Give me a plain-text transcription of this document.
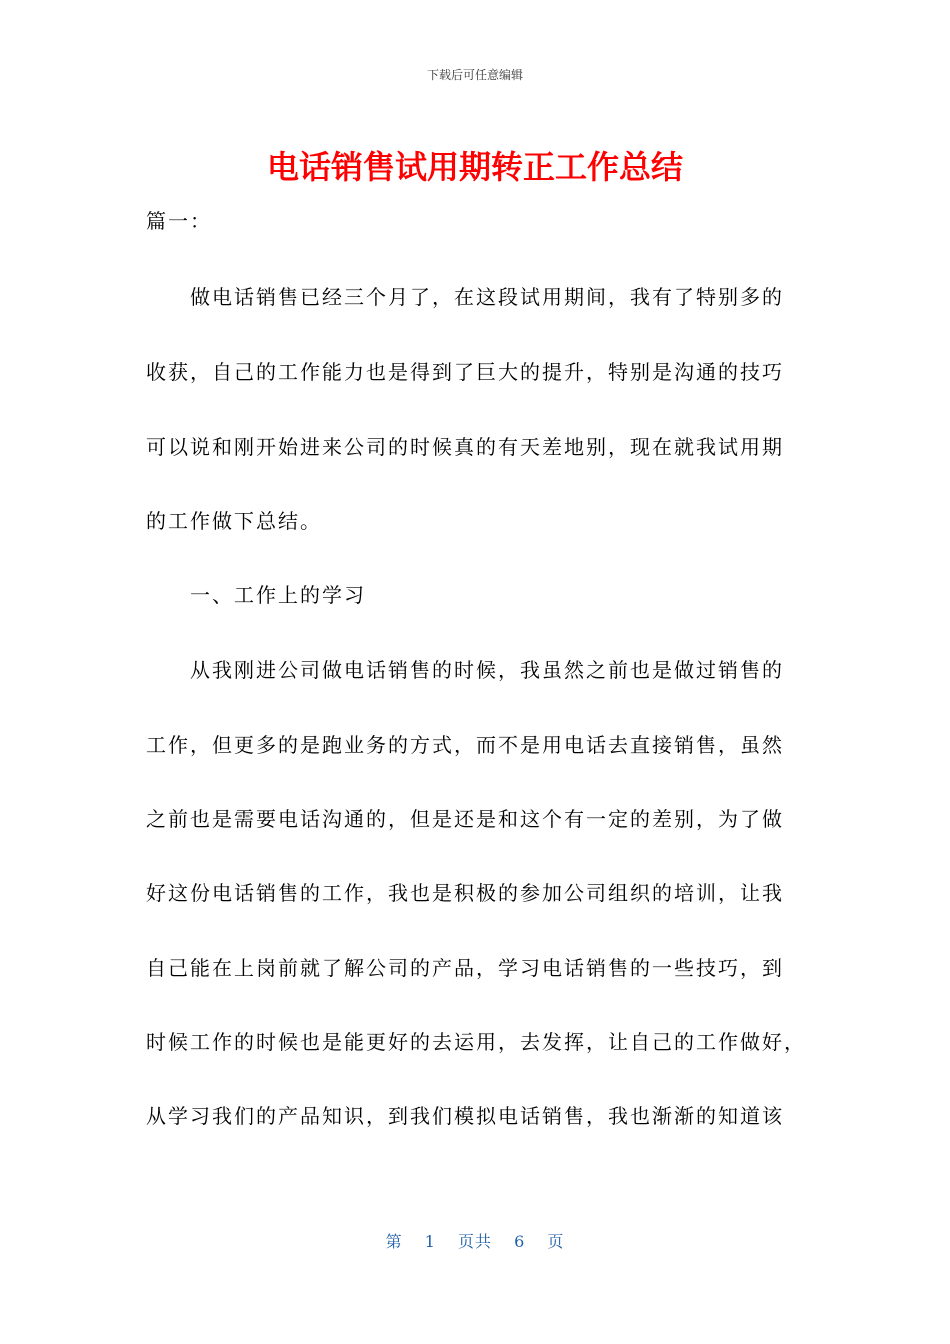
下载后可任意编辑
电话销售试用期转正工作总结
篇一：
做电话销售已经三个月了，在这段试用期间，我有了特别多的
收获，自己的工作能力也是得到了巨大的提升，特别是沟通的技巧
可以说和刚开始进来公司的时候真的有天差地别，现在就我试用期
的工作做下总结。
一、工作上的学习
从我刚进公司做电话销售的时候，我虽然之前也是做过销售的
工作，但更多的是跑业务的方式，而不是用电话去直接销售，虽然
之前也是需要电话沟通的，但是还是和这个有一定的差别，为了做
好这份电话销售的工作，我也是积极的参加公司组织的培训，让我
自己能在上岗前就了解公司的产品，学习电话销售的一些技巧，到
时候工作的时候也是能更好的去运用，去发挥，让自己的工作做好，
从学习我们的产品知识，到我们模拟电话销售，我也渐渐的知道该
第 1 页共 6 页
